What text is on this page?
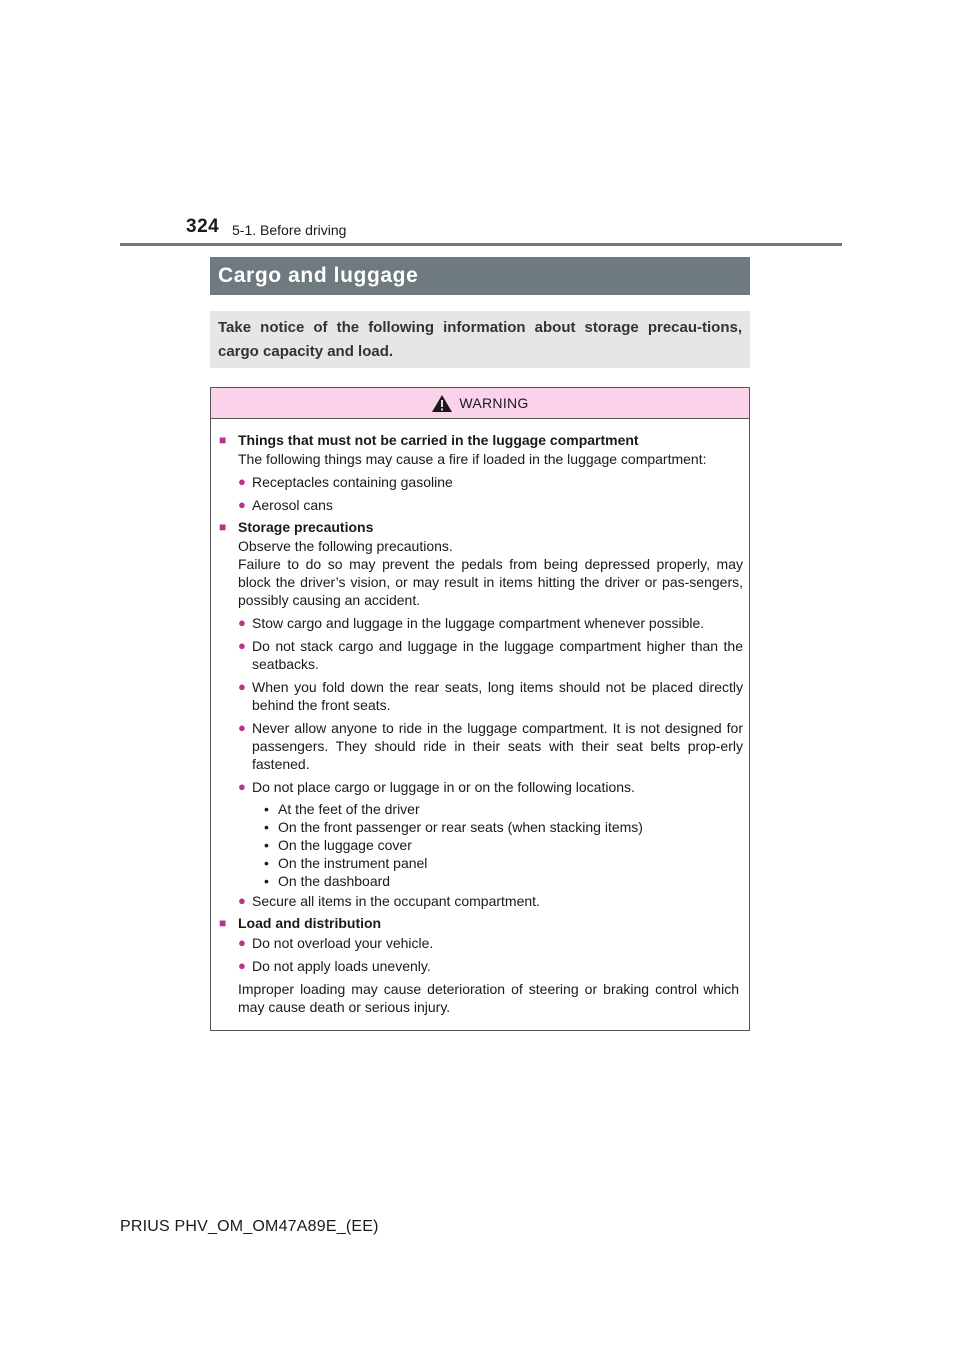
324 5-1. Before driving
Cargo and luggage

Take notice of the following information about storage precau-tions, cargo capacity and load.

WARNING
■ Things that must not be carried in the luggage compartment
The following things may cause a fire if loaded in the luggage compartment:
● Receptacles containing gasoline
● Aerosol cans
■ Storage precautions
Observe the following precautions.
Failure to do so may prevent the pedals from being depressed properly, may block the driver’s vision, or may result in items hitting the driver or pas-sengers, possibly causing an accident.
● Stow cargo and luggage in the luggage compartment whenever possible.
● Do not stack cargo and luggage in the luggage compartment higher than the seatbacks.
● When you fold down the rear seats, long items should not be placed directly behind the front seats.
● Never allow anyone to ride in the luggage compartment. It is not designed for passengers. They should ride in their seats with their seat belts prop-erly fastened.
● Do not place cargo or luggage in or on the following locations.
• At the feet of the driver
• On the front passenger or rear seats (when stacking items)
• On the luggage cover
• On the instrument panel
• On the dashboard
● Secure all items in the occupant compartment.
■ Load and distribution
● Do not overload your vehicle.
● Do not apply loads unevenly.
Improper loading may cause deterioration of steering or braking control which may cause death or serious injury.
PRIUS PHV_OM_OM47A89E_(EE)
